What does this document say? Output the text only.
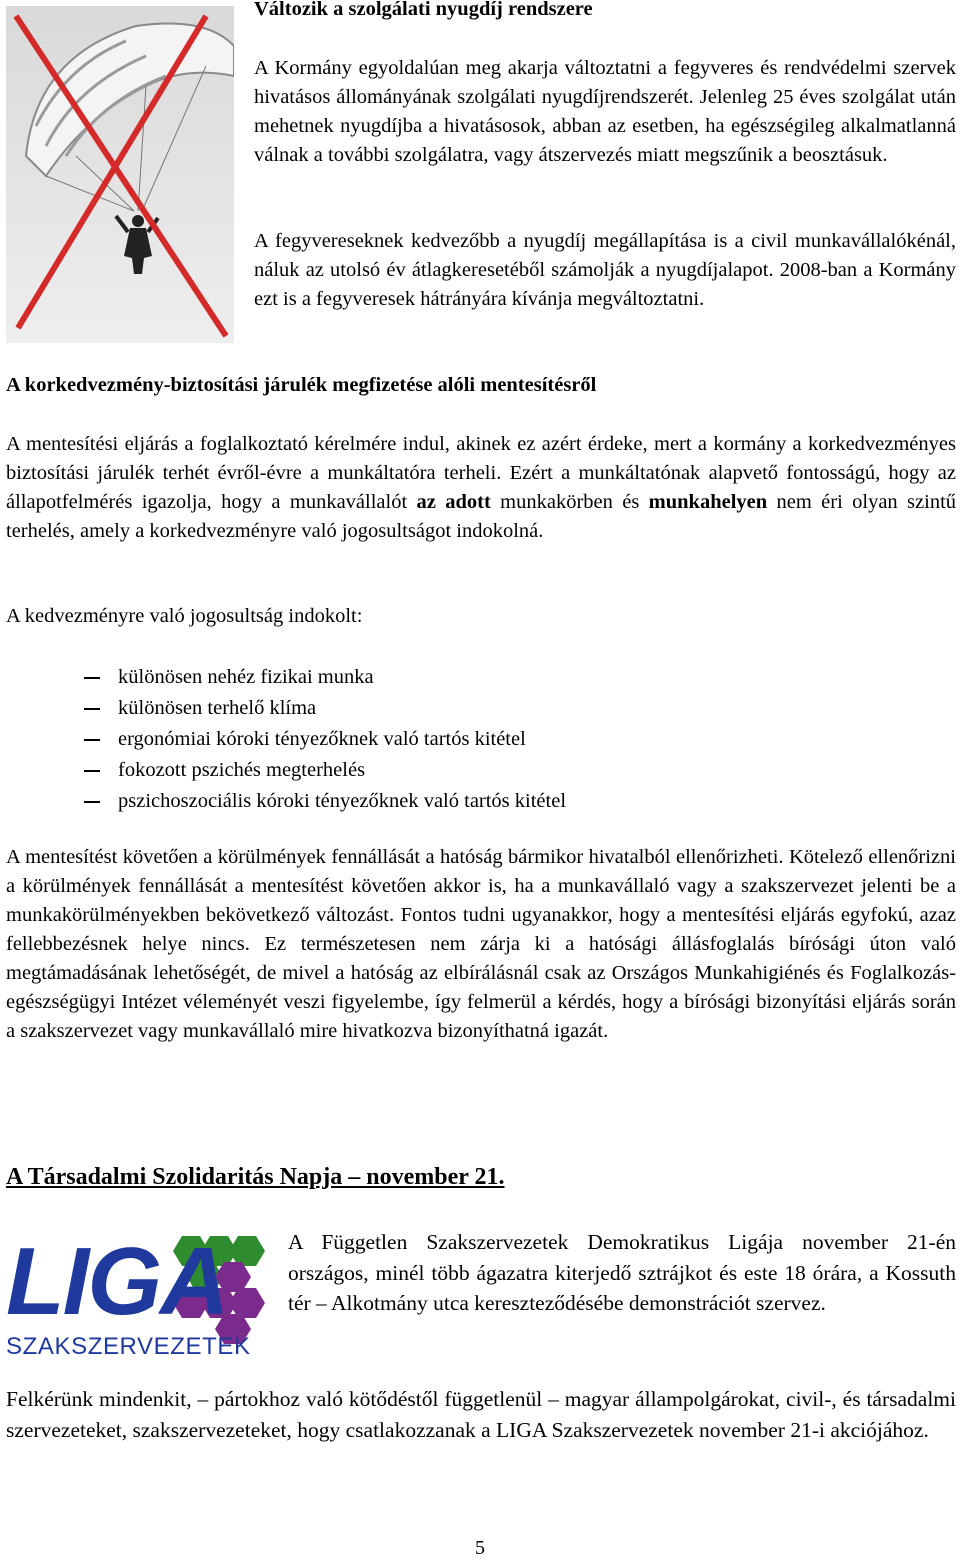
Változik a szolgálati nyugdíj rendszere

A Kormány egyoldalúan meg akarja változtatni a fegyveres és rendvédelmi szervek hivatásos állományának szolgálati nyugdíjrendszerét. Jelenleg 25 éves szolgálat után mehetnek nyugdíjba a hivatásosok, abban az esetben, ha egészségileg alkalmatlanná válnak a további szolgálatra, vagy átszervezés miatt megszűnik a beosztásuk.

A fegyvereseknek kedvezőbb a nyugdíj megállapítása is a civil munkavállalókénál, náluk az utolsó év átlagkeresetéből számolják a nyugdíjalapot. 2008-ban a Kormány ezt is a fegyveresek hátrányára kívánja megváltoztatni.

A korkedvezmény-biztosítási járulék megfizetése alóli mentesítésről

A mentesítési eljárás a foglalkoztató kérelmére indul, akinek ez azért érdeke, mert a kormány a korkedvezményes biztosítási járulék terhét évről-évre a munkáltatóra terheli. Ezért a munkáltatónak alapvető fontosságú, hogy az állapotfelmérés igazolja, hogy a munkavállalót az adott munkakörben és munkahelyen nem éri olyan szintű terhelés, amely a korkedvezményre való jogosultságot indokolná.

A kedvezményre való jogosultság indokolt:

különösen nehéz fizikai munka
különösen terhelő klíma
ergonómiai kóroki tényezőknek való tartós kitétel
fokozott pszichés megterhelés
pszichoszociális kóroki tényezőknek való tartós kitétel

A mentesítést követően a körülmények fennállását a hatóság bármikor hivatalból ellenőrizheti. Kötelező ellenőrizni a körülmények fennállását a mentesítést követően akkor is, ha a munkavállaló vagy a szakszervezet jelenti be a munkakörülményekben bekövetkező változást. Fontos tudni ugyanakkor, hogy a mentesítési eljárás egyfokú, azaz fellebbezésnek helye nincs. Ez természetesen nem zárja ki a hatósági állásfoglalás bírósági úton való megtámadásának lehetőségét, de mivel a hatóság az elbírálásnál csak az Országos Munkahigiénés és Foglalkozás-egészségügyi Intézet véleményét veszi figyelembe, így felmerül a kérdés, hogy a bírósági bizonyítási eljárás során a szakszervezet vagy munkavállaló mire hivatkozva bizonyíthatná igazát.

A Társadalmi Szolidaritás Napja – november 21.
LIGA
SZAKSZERVEZETEK

A Független Szakszervezetek Demokratikus Ligája november 21-én országos, minél több ágazatra kiterjedő sztrájkot és este 18 órára, a Kossuth tér – Alkotmány utca kereszteződésébe demonstrációt szervez.

Felkérünk mindenkit, – pártokhoz való kötődéstől függetlenül – magyar állampolgárokat, civil-, és társadalmi szervezeteket, szakszervezeteket, hogy csatlakozzanak a LIGA Szakszervezetek november 21-i akciójához.

5
